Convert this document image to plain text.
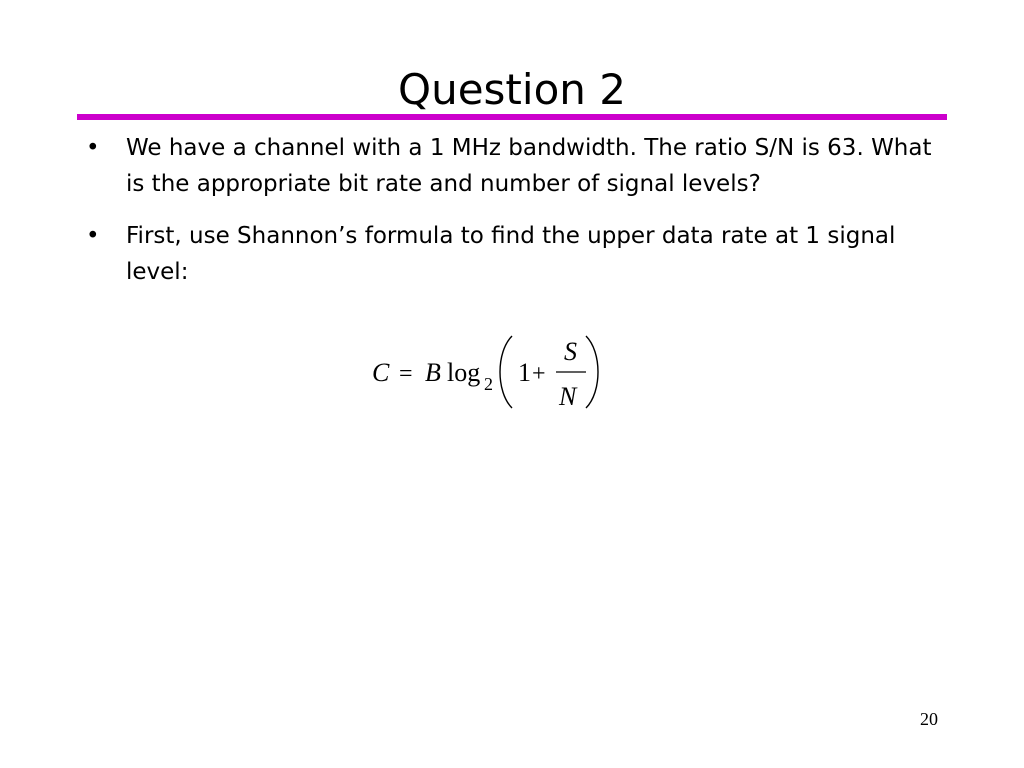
Question 2
• We have a channel with a 1 MHz bandwidth. The ratio S/N is 63. What is the appropriate bit rate and number of signal levels?
• First, use Shannon’s formula to find the upper data rate at 1 signal level:
C = B log 2 1 +
S
N
20
